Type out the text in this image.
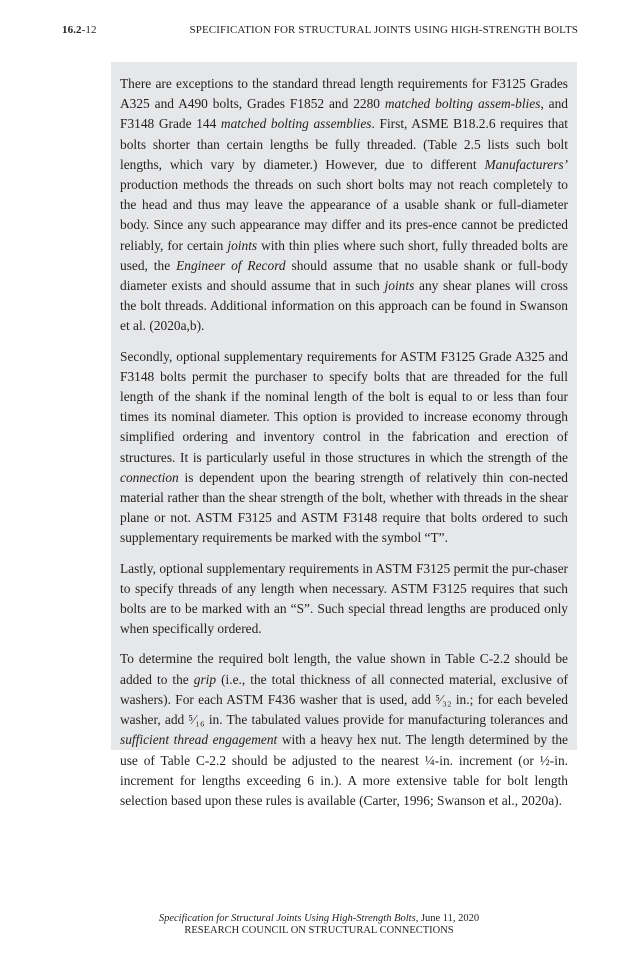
16.2-12	SPECIFICATION FOR STRUCTURAL JOINTS USING HIGH-STRENGTH BOLTS

There are exceptions to the standard thread length requirements for F3125 Grades A325 and A490 bolts, Grades F1852 and 2280 matched bolting assem-blies, and F3148 Grade 144 matched bolting assemblies. First, ASME B18.2.6 requires that bolts shorter than certain lengths be fully threaded. (Table 2.5 lists such bolt lengths, which vary by diameter.) However, due to different Manufacturers’ production methods the threads on such short bolts may not reach completely to the head and thus may leave the appearance of a usable shank or full-diameter body. Since any such appearance may differ and its pres-ence cannot be predicted reliably, for certain joints with thin plies where such short, fully threaded bolts are used, the Engineer of Record should assume that no usable shank or full-body diameter exists and should assume that in such joints any shear planes will cross the bolt threads. Additional information on this approach can be found in Swanson et al. (2020a,b).

Secondly, optional supplementary requirements for ASTM F3125 Grade A325 and F3148 bolts permit the purchaser to specify bolts that are threaded for the full length of the shank if the nominal length of the bolt is equal to or less than four times its nominal diameter. This option is provided to increase economy through simplified ordering and inventory control in the fabrication and erection of structures. It is particularly useful in those structures in which the strength of the connection is dependent upon the bearing strength of relatively thin con-nected material rather than the shear strength of the bolt, whether with threads in the shear plane or not. ASTM F3125 and ASTM F3148 require that bolts ordered to such supplementary requirements be marked with the symbol “T”.

Lastly, optional supplementary requirements in ASTM F3125 permit the pur-chaser to specify threads of any length when necessary. ASTM F3125 requires that such bolts are to be marked with an “S”. Such special thread lengths are produced only when specifically ordered.

To determine the required bolt length, the value shown in Table C-2.2 should be added to the grip (i.e., the total thickness of all connected material, exclusive of washers). For each ASTM F436 washer that is used, add ⁵⁄₃₂ in.; for each beveled washer, add ⁵⁄₁₆ in. The tabulated values provide for manufacturing tolerances and sufficient thread engagement with a heavy hex nut. The length determined by the use of Table C-2.2 should be adjusted to the nearest ¼-in. increment (or ½-in. increment for lengths exceeding 6 in.). A more extensive table for bolt length selection based upon these rules is available (Carter, 1996; Swanson et al., 2020a).

Specification for Structural Joints Using High-Strength Bolts, June 11, 2020
RESEARCH COUNCIL ON STRUCTURAL CONNECTIONS
